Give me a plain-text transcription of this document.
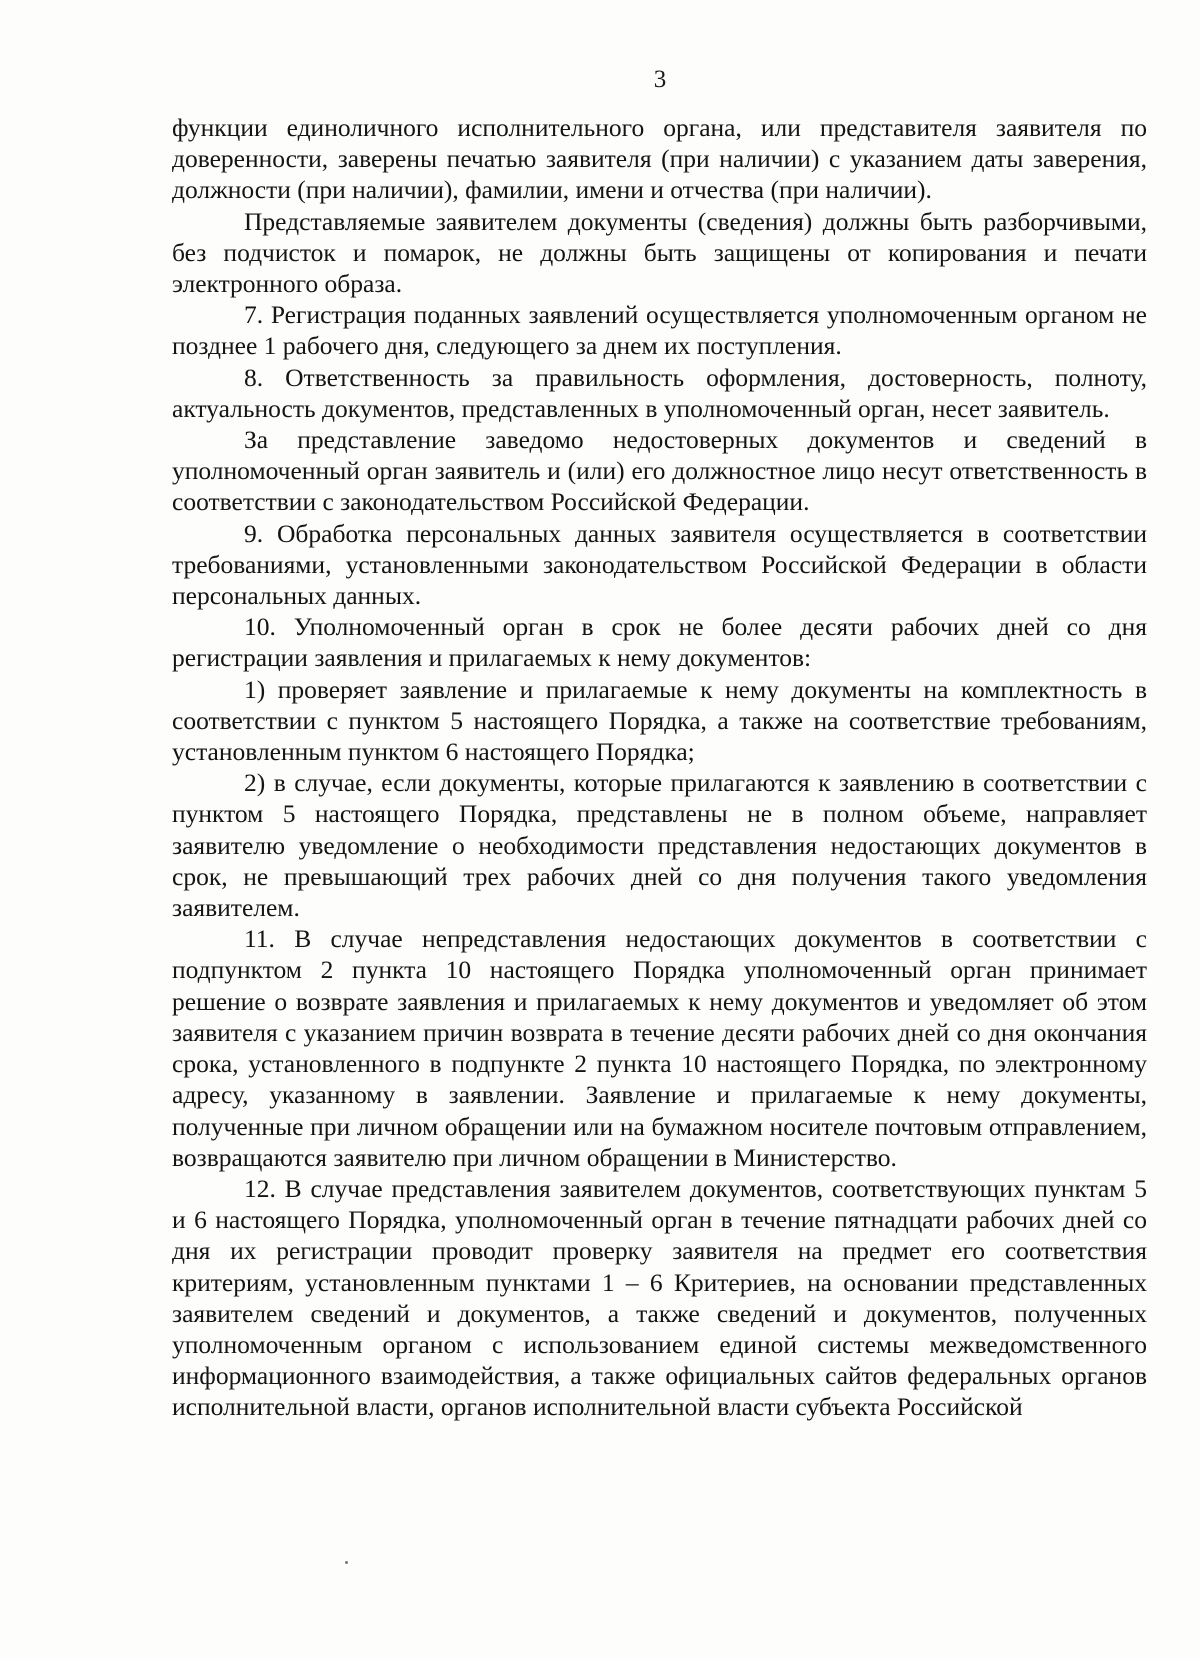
3

функции единоличного исполнительного органа, или представителя заявителя по доверенности, заверены печатью заявителя (при наличии) с указанием даты заверения, должности (при наличии), фамилии, имени и отчества (при наличии).

Представляемые заявителем документы (сведения) должны быть разборчивыми, без подчисток и помарок, не должны быть защищены от копирования и печати электронного образа.

7. Регистрация поданных заявлений осуществляется уполномоченным органом не позднее 1 рабочего дня, следующего за днем их поступления.

8. Ответственность за правильность оформления, достоверность, полноту, актуальность документов, представленных в уполномоченный орган, несет заявитель.

За представление заведомо недостоверных документов и сведений в уполномоченный орган заявитель и (или) его должностное лицо несут ответственность в соответствии с законодательством Российской Федерации.

9. Обработка персональных данных заявителя осуществляется в соответствии требованиями, установленными законодательством Российской Федерации в области персональных данных.

10. Уполномоченный орган в срок не более десяти рабочих дней со дня регистрации заявления и прилагаемых к нему документов:

1) проверяет заявление и прилагаемые к нему документы на комплектность в соответствии с пунктом 5 настоящего Порядка, а также на соответствие требованиям, установленным пунктом 6 настоящего Порядка;

2) в случае, если документы, которые прилагаются к заявлению в соответствии с пунктом 5 настоящего Порядка, представлены не в полном объеме, направляет заявителю уведомление о необходимости представления недостающих документов в срок, не превышающий трех рабочих дней со дня получения такого уведомления заявителем.

11. В случае непредставления недостающих документов в соответствии с подпунктом 2 пункта 10 настоящего Порядка уполномоченный орган принимает решение о возврате заявления и прилагаемых к нему документов и уведомляет об этом заявителя с указанием причин возврата в течение десяти рабочих дней со дня окончания срока, установленного в подпункте 2 пункта 10 настоящего Порядка, по электронному адресу, указанному в заявлении. Заявление и прилагаемые к нему документы, полученные при личном обращении или на бумажном носителе почтовым отправлением, возвращаются заявителю при личном обращении в Министерство.

12. В случае представления заявителем документов, соответствующих пунктам 5 и 6 настоящего Порядка, уполномоченный орган в течение пятнадцати рабочих дней со дня их регистрации проводит проверку заявителя на предмет его соответствия критериям, установленным пунктами 1 – 6 Критериев, на основании представленных заявителем сведений и документов, а также сведений и документов, полученных уполномоченным органом с использованием единой системы межведомственного информационного взаимодействия, а также официальных сайтов федеральных органов исполнительной власти, органов исполнительной власти субъекта Российской
